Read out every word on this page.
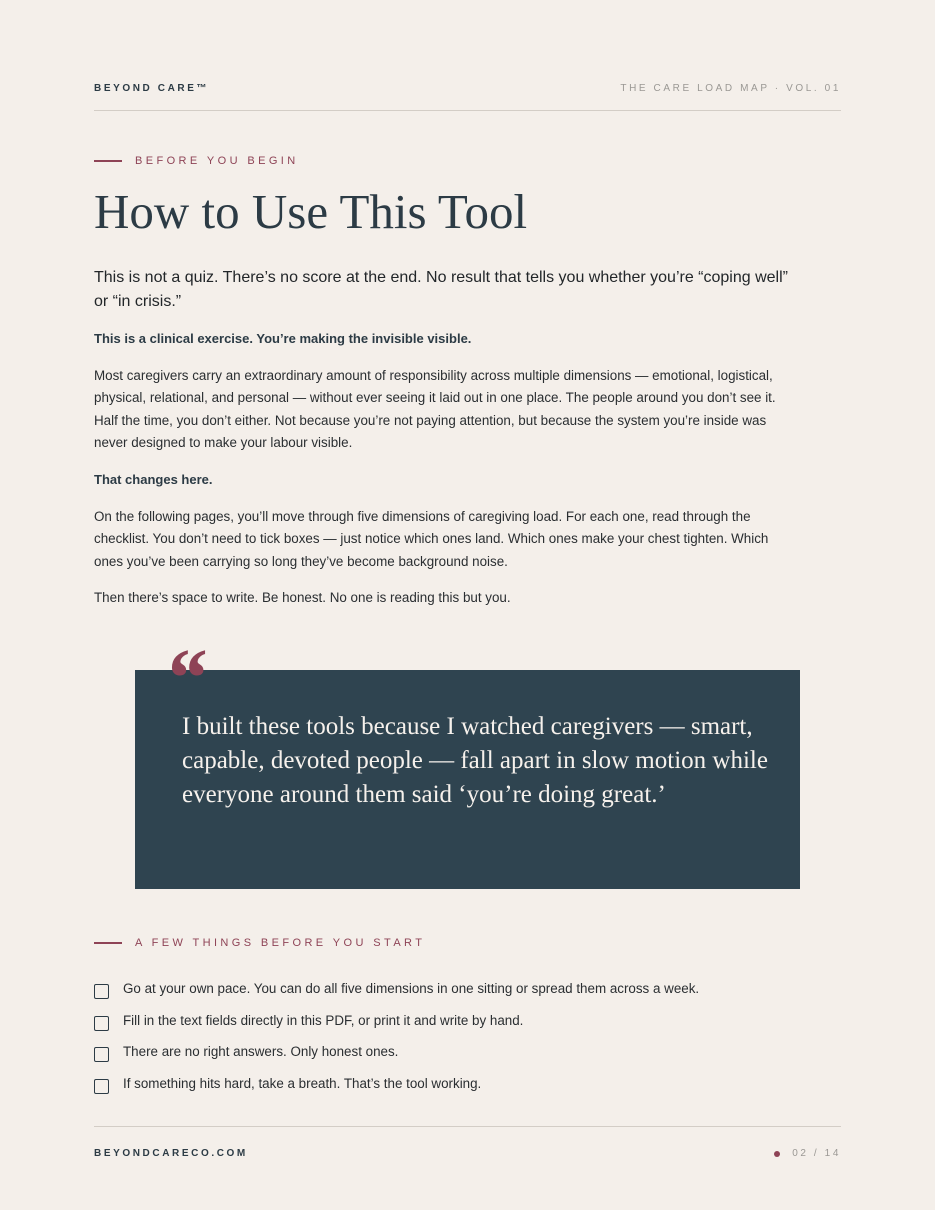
BEYOND CARE™	THE CARE LOAD MAP · VOL. 01
BEFORE YOU BEGIN
How to Use This Tool

This is not a quiz. There’s no score at the end. No result that tells you whether you’re “coping well” or “in crisis.”

This is a clinical exercise. You’re making the invisible visible.

Most caregivers carry an extraordinary amount of responsibility across multiple dimensions — emotional, logistical, physical, relational, and personal — without ever seeing it laid out in one place. The people around you don’t see it. Half the time, you don’t either. Not because you’re not paying attention, but because the system you’re inside was never designed to make your labour visible.

That changes here.

On the following pages, you’ll move through five dimensions of caregiving load. For each one, read through the checklist. You don’t need to tick boxes — just notice which ones land. Which ones make your chest tighten. Which ones you’ve been carrying so long they’ve become background noise.

Then there’s space to write. Be honest. No one is reading this but you.

I built these tools because I watched caregivers — smart, capable, devoted people — fall apart in slow motion while everyone around them said ‘you’re doing great.’

“
A FEW THINGS BEFORE YOU START
Go at your own pace. You can do all five dimensions in one sitting or spread them across a week.
Fill in the text fields directly in this PDF, or print it and write by hand.
There are no right answers. Only honest ones.
If something hits hard, take a breath. That’s the tool working.
BEYONDCARECO.COM	02 / 14
